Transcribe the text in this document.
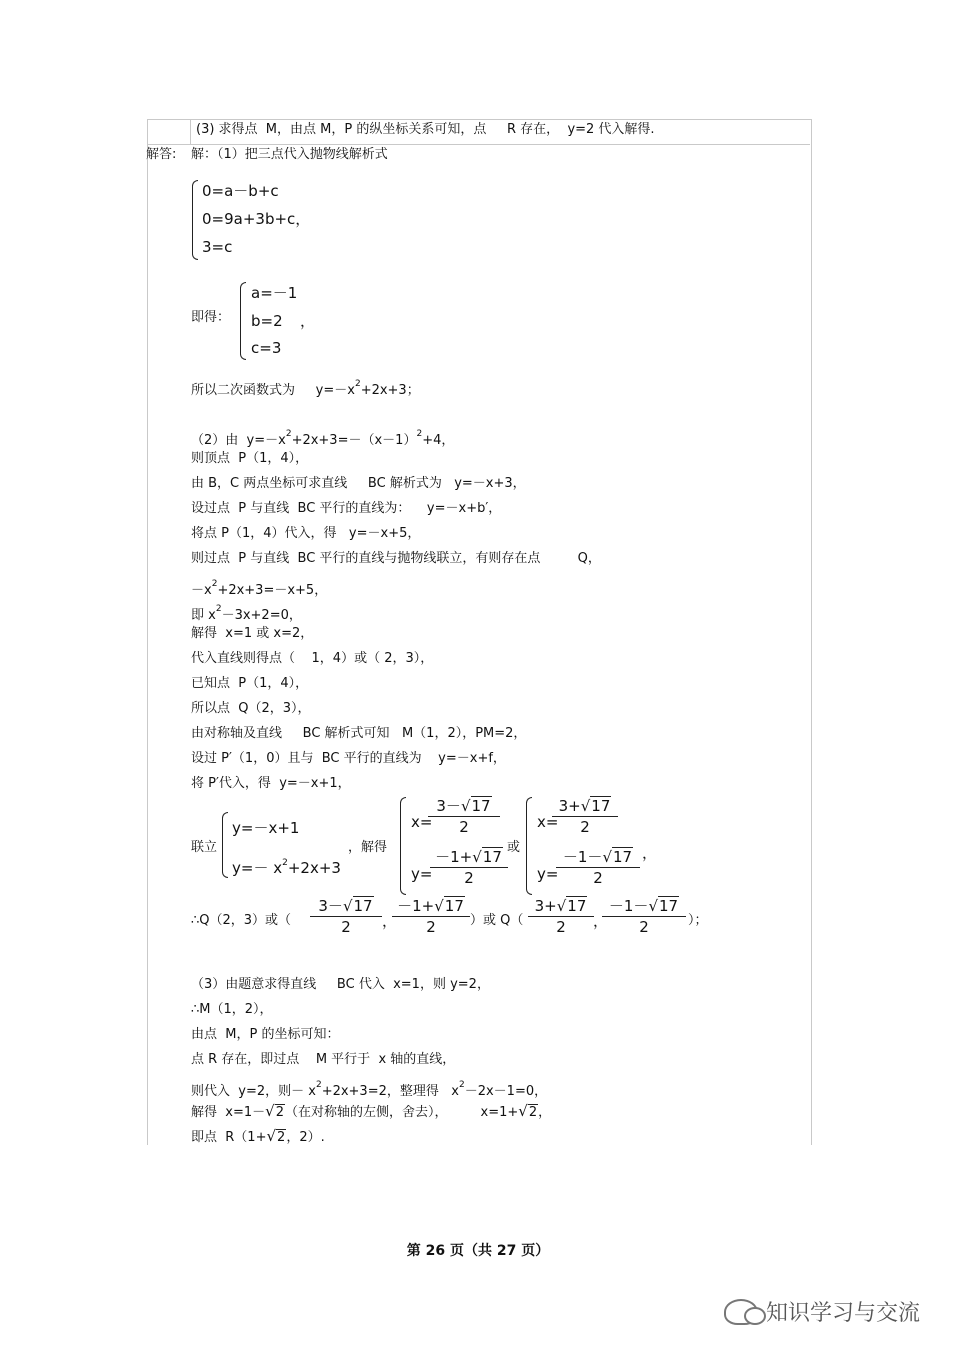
(3) 求得点  M，由点 M，P 的纵坐标关系可知，点     R 存在，  y=2 代入解得.
解答: 解：（1）把三点代入抛物线解析式
0=a－b+c
0=9a+3b+c，
3=c
即得：
a=－1
b=2 ，
c=3
所以二次函数式为     $y=-x^2+2x+3$；
（2）由  $y=-x^2+2x+3=-(x-1)^2+4$，
则顶点  P（1，4），
由 B，C 两点坐标可求直线     BC 解析式为   y=－x+3，
设过点  P 与直线  BC 平行的直线为：    y=－x+b′，
将点 P（1，4）代入，得   y=－x+5，
则过点  P 与直线  BC 平行的直线与抛物线联立，有则存在点         Q，
$-x^2+2x+3=-x+5$，
即 $x^2-3x+2=0$，
解得  x=1 或 x=2，
代入直线则得点（    1，4）或（ 2，3），
已知点  P（1，4），
所以点  Q（2，3），
由对称轴及直线     BC 解析式可知   M（1，2），PM=2，
设过 P′（1，0）且与  BC 平行的直线为    y=－x+f，
将 P′代入，得  y=－x+1，
联立
y=－x+1
$y=- x^2+2x+3$
，解得
x=
3－ √ 17
2
y=
－1+ √ 17
2
或
x=
3+ √ 17
2
y=
－1－ √ 17
2
，
∴Q（2，3）或（
3－ √ 17
2	，
－1+ √ 17
2	）或 Q（
3+ √ 17
2	，
－1－ √ 17
2	）；
（3）由题意求得直线     BC 代入  x=1，则 y=2，
∴M（1，2），
由点  M，P 的坐标可知：
点 R 存在，即过点    M 平行于  x 轴的直线，
则代入  y=2，则－ $x^2+2x+3=2$，整理得   $x^2-2x-1=0$，
解得  x=1－ √ 2（在对称轴的左侧，舍去），        x=1+ √ 2，
即点  R（1+ √ 2，2）.
第 26 页（共 27 页）
知识学习与交流
